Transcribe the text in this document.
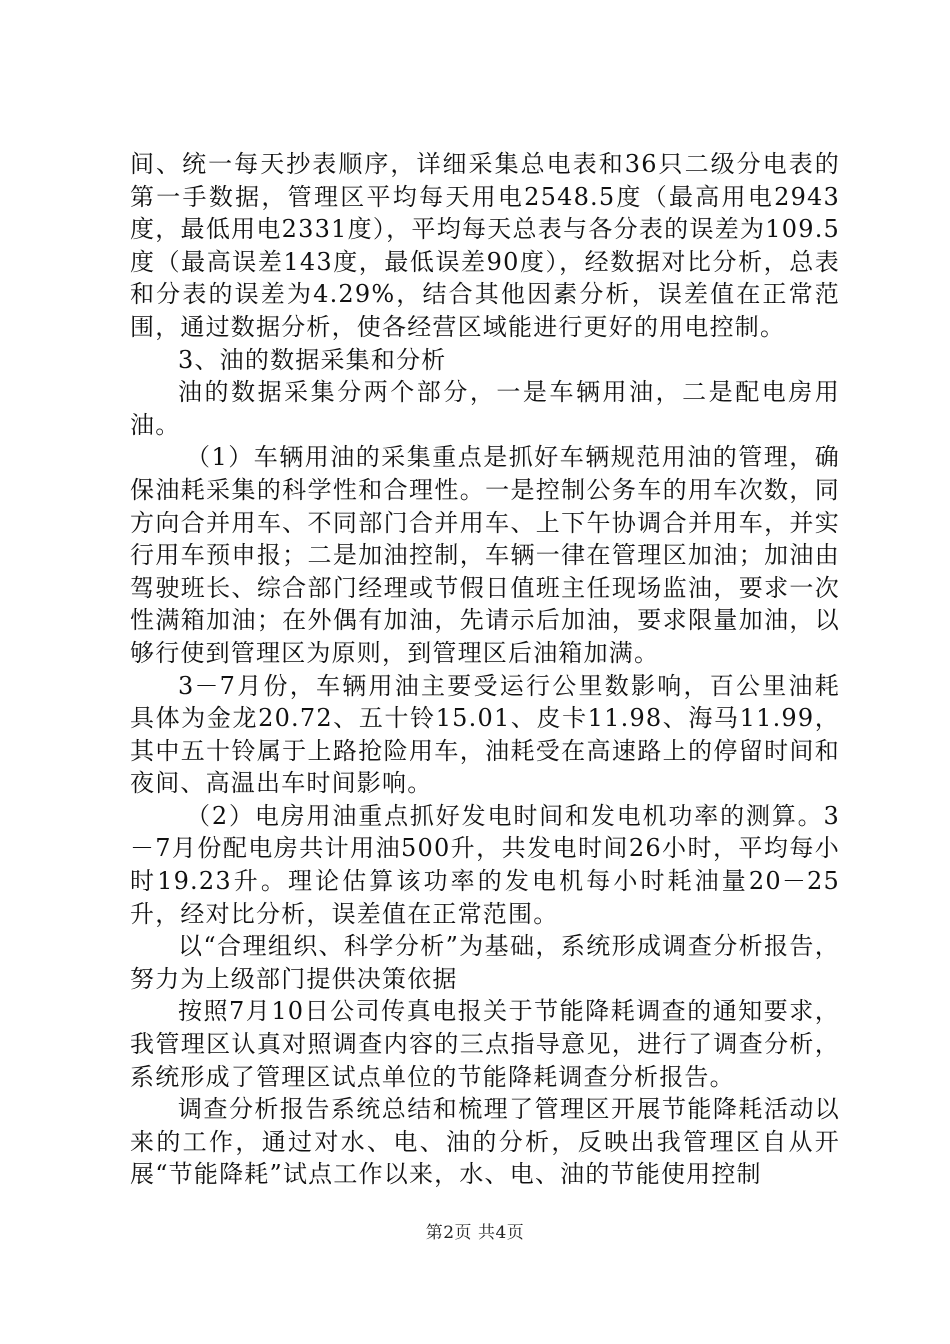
间、统一每天抄表顺序，详细采集总电表和36只二级分电表的第一手数据，管理区平均每天用电2548.5度（最高用电2943度，最低用电2331度），平均每天总表与各分表的误差为109.5度（最高误差143度，最低误差90度），经数据对比分析，总表和分表的误差为4.29%，结合其他因素分析，误差值在正常范围，通过数据分析，使各经营区域能进行更好的用电控制。

3、油的数据采集和分析

油的数据采集分两个部分，一是车辆用油，二是配电房用油。

（1）车辆用油的采集重点是抓好车辆规范用油的管理，确保油耗采集的科学性和合理性。一是控制公务车的用车次数，同方向合并用车、不同部门合并用车、上下午协调合并用车，并实行用车预申报；二是加油控制，车辆一律在管理区加油；加油由驾驶班长、综合部门经理或节假日值班主任现场监油，要求一次性满箱加油；在外偶有加油，先请示后加油，要求限量加油，以够行使到管理区为原则，到管理区后油箱加满。

3－7月份，车辆用油主要受运行公里数影响，百公里油耗具体为金龙20.72、五十铃15.01、皮卡11.98、海马11.99，其中五十铃属于上路抢险用车，油耗受在高速路上的停留时间和夜间、高温出车时间影响。

（2）电房用油重点抓好发电时间和发电机功率的测算。3－7月份配电房共计用油500升，共发电时间26小时，平均每小时19.23升。理论估算该功率的发电机每小时耗油量20－25升，经对比分析，误差值在正常范围。

以“合理组织、科学分析”为基础，系统形成调查分析报告，努力为上级部门提供决策依据

按照7月10日公司传真电报关于节能降耗调查的通知要求，我管理区认真对照调查内容的三点指导意见，进行了调查分析，系统形成了管理区试点单位的节能降耗调查分析报告。

调查分析报告系统总结和梳理了管理区开展节能降耗活动以来的工作，通过对水、电、油的分析，反映出我管理区自从开展“节能降耗”试点工作以来，水、电、油的节能使用控制

第2页 共4页
